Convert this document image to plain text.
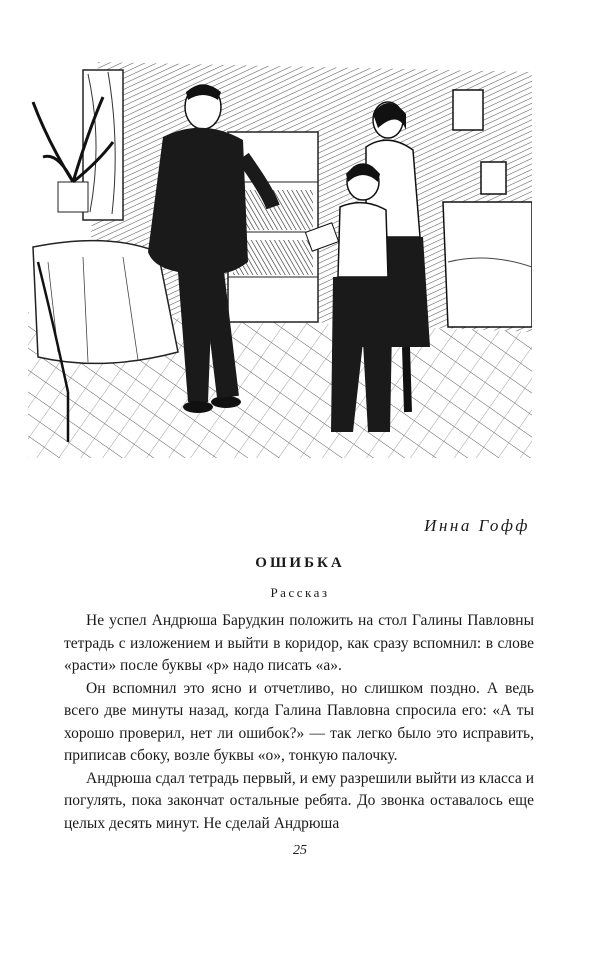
Инна Гофф
ОШИБКА
Рассказ

Не успел Андрюша Барудкин положить на стол Галины Павловны тетрадь с изложением и выйти в коридор, как сразу вспомнил: в слове «расти» после буквы «р» надо писать «а».

Он вспомнил это ясно и отчетливо, но слишком поздно. А ведь всего две минуты назад, когда Галина Павловна спросила его: «А ты хорошо проверил, нет ли ошибок?» — так легко было это исправить, приписав сбоку, возле буквы «о», тонкую палочку.

Андрюша сдал тетрадь первый, и ему разрешили выйти из класса и погулять, пока закончат остальные ребята. До звонка оставалось еще целых десять минут. Не сделай Андрюша

25
